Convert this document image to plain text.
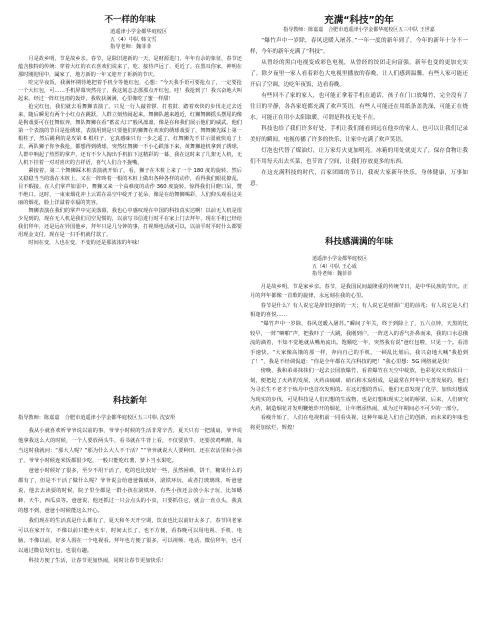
不一样的年味

逍遥津小学金都华庭校区

五（4）中队 韩文雪

指导老师：魏菲菲

月是故乡明，节是故乡亲。春节，是除旧迎新的一天，是财源进门、年年有余的象征，春节还蕴含独特的传统：穿着大红的衣衣喜欢们说来了，吃、接待声远了、更近了。在黑耳你家，神明在那时刚迎用中，阖家了，地方新的一年又迎开了祈新的节庆。

吃完早夜饭，我满怀期待地把着手机全等他红包，心想：“今天我手语可要抢点了，一定要抢一个大红包，可……手机屏幕突然亮了，我这刻志志那那点开红包，哇！我抢到了！我兴奋地大叫起来。经过一阵红包雨的轰炸，我收获满满，心里像吃了蜜一样甜！

抢完红包，我们就去看舞狮表演了。只见一行人敲着锣、打着鼓、踏着欢快的步伐走过去近来，随后瞬见有两个小红点在跳跃，人群立刻热闹起来。舞狮队越来越近，红狮舞狮摇头摆尾的像是狗戏耍可在狂舞似奔，舞队舞狮在看“蓄盆大口”般风凛凛，像是在和我们展示他们的威武。他们第一个表演的节目是抢绣球，表演用到是只要他们的狮舞在欢欢的绣球戏耍了，舞舞狮先踩上第一根柱子，然后跳利的是攻第 6 根柱子，它真感味只有一步之遥了，红舞狮先不甘示弱就快追了上去，两队狮子你争我抢，都想得到绣球。突然红舞狮一不小心跌落下来，黄舞狮趁机拿到了绣球，人群中响起了热烈的掌声，还有不少人掏出手机拍下这精彩的一幕，我在这时来了几架无人机，无人机下挂着一对对喜庆的吉祥语，喜气人们合不拢嘴。

紧接着，第二个舞狮踩木桩表演就开始了。看，狮子在木桩上来了一个 180 度的旋转，然后又稳稳当当的落在木桩上，又在一阵咚着一根的木桩上做出各种各样的动作，看得我们眼花撩乱，目不暇接。在人们掌声如雷中，舞狮又来一个高难度的动作 360 度旋转，惊得我们目瞪口呆，赞不绝口。这时，一束束烟花冲上云霄在高空中绽开了花朵，像是在给舞狮喝彩，人们仰头观看这美丽的烟花，脸上洋溢着幸福的笑容。

舞狮表演在我们的掌声中完美落幕，我也心中感叹现在中国的科技真实达啊！以前无人机是很少见到的，现在无人机是我们司空见惯的，以前写书信进行时平在家上门去拜年，现在手机已经给我们拜年，还是远在异国他乡，拜年只是几分钟的事，打视频电话就可以，以前平时平时什么都要用现金支付，现在是一扫手机就付款了。

时间在变，人也在变，不变的还是那浓浓的年味！

充满“科技”的年

指导教师：陈嘉嘉　合肥市逍遥津小学金都华庭校区五三中队 王世嘉

“爆竹声中一岁除，春风送暖入屠苏。”一年一度的新年到了，今年的新年十分不一样，今年的新年充满了“科技”。

从曾经的黑白电视变成彩色电视，从曾经的饺团走向富强，新年也变的更加充实了。除夕夜里一家人看着彩色大电视里播放的春晚，让人们感到温馨。有些人家可能还开启了空调，边吃年夜饭，边看春晚。

有些回不了家的家人，也可能正拿着手机在通话，孩子在门口放爆竹，完全没有了往日的平静，各各家庭都充满了欢声笑语。有些人可能还在用纸条盖洗澡，可能正在烧水。可能正在用小太阳取暖，可谓是科技无处不在。

科技也给了我们许多好处，手机让我们能看到远在他乡的家人，也可以让我们记录美好的瞬间。电视传播了许多的快乐，让家中充满了欢声笑语。

灯泡也代替了煤油灯，让万家灯火更加明亮。冰箱的用处就更大了，保存食物让我们不用每天出去买菜，也节省了空间，让我们存放更多的东西。

在这充满科技的时代，百家团圆的节日，我祝大家新年快乐，身体健康，万事如意。

科技新年

指导教师：陈嘉嘉　合肥市逍遥津小学金都华庭校区五三中队 沈安彤

我从小就喜欢听爷爷说以前的事，爷爷小时候的生活非常辛苦，夏天只有一把蒲扇，爷爷说他拿我这么大的时候，一个人要放两头牛，看书就在牛背上看，不仅要放牛，还要放鸡鸭鹅，每当这时我就问：“那大人呢？”那为什么大人不干活？”“爷爷就说大人要种田，还在农活里和小孩子，爷爷小时候连米饭都很少吃，一般只能吃红薯，萝卜当水果吃。

爸爸小时候好了很多，至少不用干活了，吃的也比较好一些，虽然困难，饼干，糖果什么的都有了，但是不干活了做什么呢？爷爷说会给爸爸做纸环，滚铁环玩，或者打玻璃珠，听爸爸说，他去去读耍的时候，院子里全都是一群小孩在滚铁环，有些小孩还会放小东子玩，比如蟋蟀、天牛，西瓜虫等。爸爸说，他还抓过一只会点头的小虫，只要抓住它，就会一直点头，我真的想不到，爸爸小时候能这么开心。

我们现在的生活真是什么都有了，夏天和冬天开空调，饮食也比以前好太多了，春节回老家可以在家开车，不像以前只能坐火车，时间太长了，也不方便，看春晚可以用电视、手机、电脑，不像以前，好多人围在一个电视看。拜年也方便了很多，可以视频、电话、微信拜年，也可以通过微信发红包，也很有趣。

科技方便了生活，让春节更加热闹，同时让春节更加快乐！

科技感满满的年味

逍遥津小学金都华庭校区

五（4）中队 王心成

指导老师：魏菲菲

月是故乡明，节是家乡亲。春节，是我国民间最隆重的传统节日，是中华民族的节庆。正月的拜年都像一首歌的旋律，永远刻在我的心里。

春节是什么？有人说它是辞旧迎新的一天；有人说它是财源广进的前兆；有人说它是人们相逢的喜悦……

“爆竹声中一岁除，春风送暖入屠苏。”瞬间了年关，终于到除上了，五六点钟，天黑的比较早，一阵“噼啪”声，把我吓了一大跳，我刚到户，一阵送入的香气扑鼻而来，我的口水忍俄流的滴着，不知不觉地就从嘴角流出。饱顺吃一年，突然我有说“爸红包啦，只见一个。看清手速快。“大家像高饿的那一样，奔向自己的手机，一顿乱比划后。我兴奋地大喊“我抢到了！”，我是不经调侃道：“你是全年都在关注科技的吧！”我心里想：5G 网络就是快！

傍晚，我和弟弟抹抹们一起去公园放爆竹，看着爆竹在天空中绽放，色彩花纹火焰炫目一刻，便把起了火药的发展，火药由硫磺、硝石和木炭组成，是最常在拜年中无善发展的，他们为寻长生不老才于炼丹中也首次发明的。在这幻想的背后，他们无意发现了化学，加快幻想成为现实的步伐，可见科技是人们幻想的生成物，也是幻想和现实之间的桥梁，后来，人们研究火药，制造烟花并发明鞭炮炸开的烟花，让年增添热闹，成为过年期间必不可少的一部分。

看瘦升始了，人们在电视机前一同看央视，这种年味是人们自己的创新，而未来的年味也将更加炫烂，辉煌！
